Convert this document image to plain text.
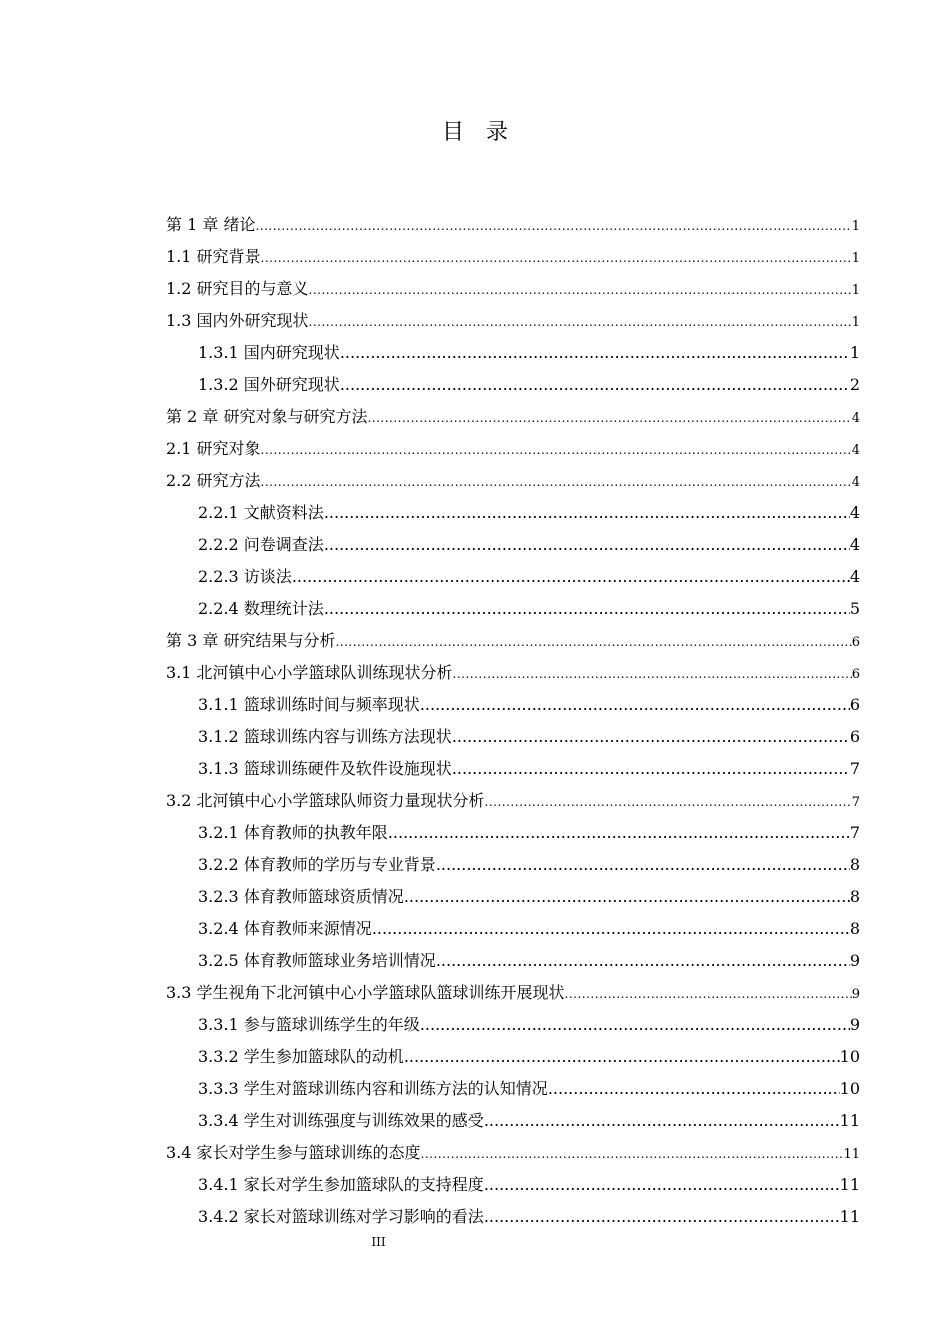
目录
第 1 章 绪论 .....	1
1.1 研究背景 .....	1
1.2 研究目的与意义 .....	1
1.3 国内外研究现状 .....	1
1.3.1 国内研究现状 .....	1
1.3.2 国外研究现状 .....	2
第 2 章 研究对象与研究方法 .....	4
2.1 研究对象 .....	4
2.2 研究方法 .....	4
2.2.1 文献资料法 .....	4
2.2.2 问卷调查法 .....	4
2.2.3 访谈法 .....	4
2.2.4 数理统计法 .....	5
第 3 章 研究结果与分析 .....	6
3.1 北河镇中心小学篮球队训练现状分析 .....	6
3.1.1 篮球训练时间与频率现状 .....	6
3.1.2 篮球训练内容与训练方法现状 .....	6
3.1.3 篮球训练硬件及软件设施现状 .....	7
3.2 北河镇中心小学篮球队师资力量现状分析 .....	7
3.2.1 体育教师的执教年限 .....	7
3.2.2 体育教师的学历与专业背景 .....	8
3.2.3 体育教师篮球资质情况 .....	8
3.2.4 体育教师来源情况 .....	8
3.2.5 体育教师篮球业务培训情况 .....	9
3.3 学生视角下北河镇中心小学篮球队篮球训练开展现状 .....	9
3.3.1 参与篮球训练学生的年级 .....	9
3.3.2 学生参加篮球队的动机 .....	10
3.3.3 学生对篮球训练内容和训练方法的认知情况 .....	10
3.3.4 学生对训练强度与训练效果的感受 .....	11
3.4 家长对学生参与篮球训练的态度 .....	11
3.4.1 家长对学生参加篮球队的支持程度 .....	11
3.4.2 家长对篮球训练对学习影响的看法 .....	11
III
